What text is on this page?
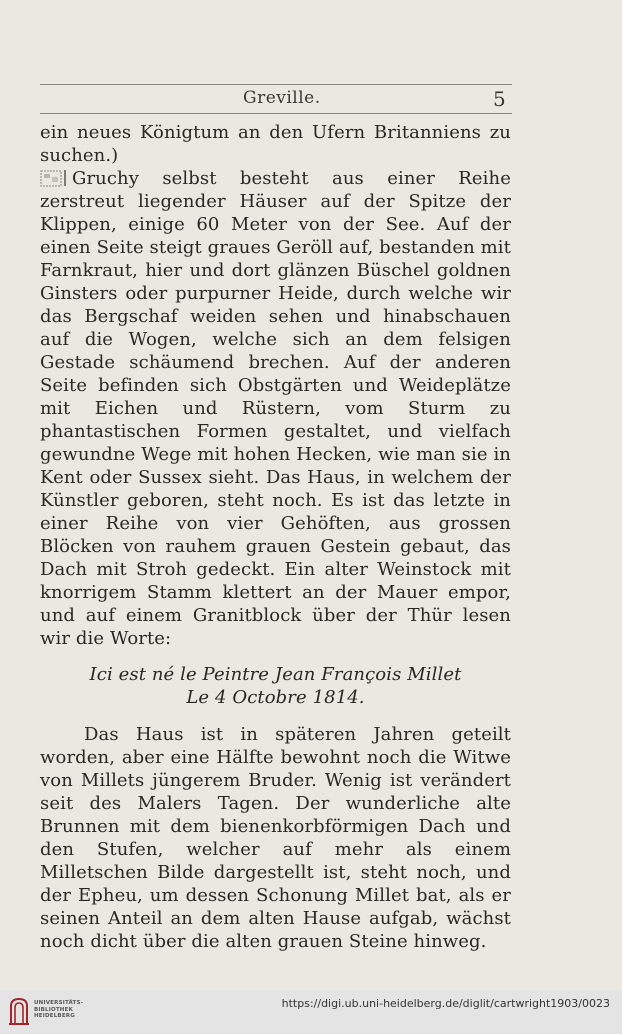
Greville.	5

ein neues Königtum an den Ufern Britanniens zu suchen.)

Gruchy selbst besteht aus einer Reihe zerstreut liegender Häuser auf der Spitze der Klippen, einige 60 Meter von der See. Auf der einen Seite steigt graues Geröll auf, bestanden mit Farnkraut, hier und dort glänzen Büschel goldnen Ginsters oder purpurner Heide, durch welche wir das Bergschaf weiden sehen und hinabschauen auf die Wogen, welche sich an dem felsigen Gestade schäumend brechen. Auf der anderen Seite befinden sich Obstgärten und Weideplätze mit Eichen und Rüstern, vom Sturm zu phantastischen Formen gestaltet, und vielfach gewundne Wege mit hohen Hecken, wie man sie in Kent oder Sussex sieht. Das Haus, in welchem der Künstler geboren, steht noch. Es ist das letzte in einer Reihe von vier Gehöften, aus grossen Blöcken von rauhem grauen Gestein gebaut, das Dach mit Stroh gedeckt. Ein alter Weinstock mit knorrigem Stamm klettert an der Mauer empor, und auf einem Granitblock über der Thür lesen wir die Worte:

Ici est né le Peintre Jean François Millet
Le 4 Octobre 1814.

Das Haus ist in späteren Jahren geteilt worden, aber eine Hälfte bewohnt noch die Witwe von Millets jüngerem Bruder. Wenig ist verändert seit des Malers Tagen. Der wunderliche alte Brunnen mit dem bienenkorbförmigen Dach und den Stufen, welcher auf mehr als einem Milletschen Bilde dargestellt ist, steht noch, und der Epheu, um dessen Schonung Millet bat, als er seinen Anteil an dem alten Hause aufgab, wächst noch dicht über die alten grauen Steine hinweg.

UNIVERSITÄTS-
BIBLIOTHEK
HEIDELBERG
https://digi.ub.uni-heidelberg.de/diglit/cartwright1903/0023
